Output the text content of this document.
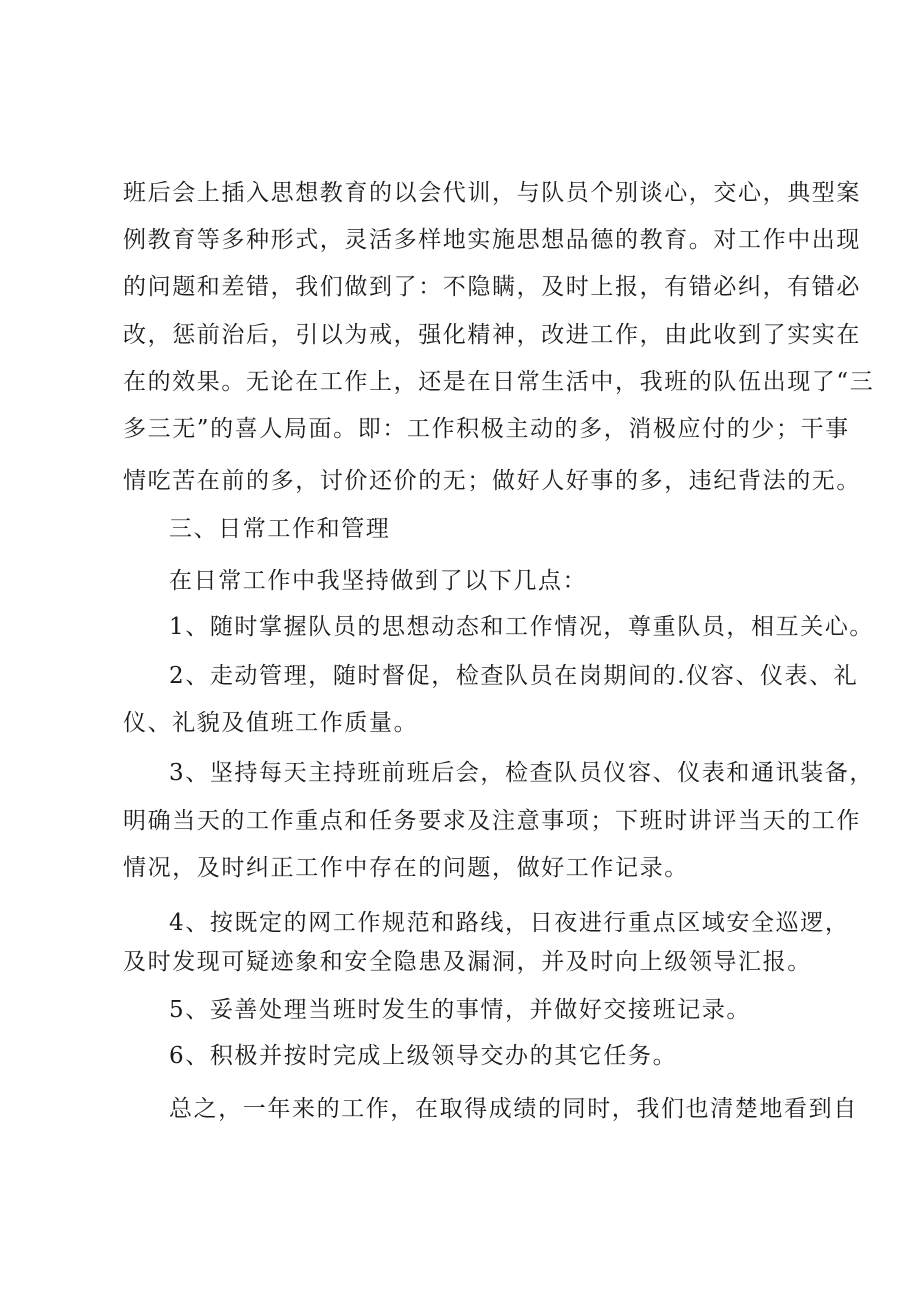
班后会上插入思想教育的以会代训，与队员个别谈心，交心，典型案
例教育等多种形式，灵活多样地实施思想品德的教育。对工作中出现
的问题和差错，我们做到了：不隐瞒，及时上报，有错必纠，有错必
改，惩前治后，引以为戒，强化精神，改进工作，由此收到了实实在
在的效果。无论在工作上，还是在日常生活中，我班的队伍出现了“三
多三无”的喜人局面。即：工作积极主动的多，消极应付的少；干事
情吃苦在前的多，讨价还价的无；做好人好事的多，违纪背法的无。
三、日常工作和管理
在日常工作中我坚持做到了以下几点：
1、随时掌握队员的思想动态和工作情况，尊重队员，相互关心。
2、走动管理，随时督促，检查队员在岗期间的.仪容、仪表、礼
仪、礼貌及值班工作质量。
3、坚持每天主持班前班后会，检查队员仪容、仪表和通讯装备，
明确当天的工作重点和任务要求及注意事项；下班时讲评当天的工作
情况，及时纠正工作中存在的问题，做好工作记录。
4、按既定的网工作规范和路线，日夜进行重点区域安全巡逻，
及时发现可疑迹象和安全隐患及漏洞，并及时向上级领导汇报。
5、妥善处理当班时发生的事情，并做好交接班记录。
6、积极并按时完成上级领导交办的其它任务。
总之，一年来的工作，在取得成绩的同时，我们也清楚地看到自
